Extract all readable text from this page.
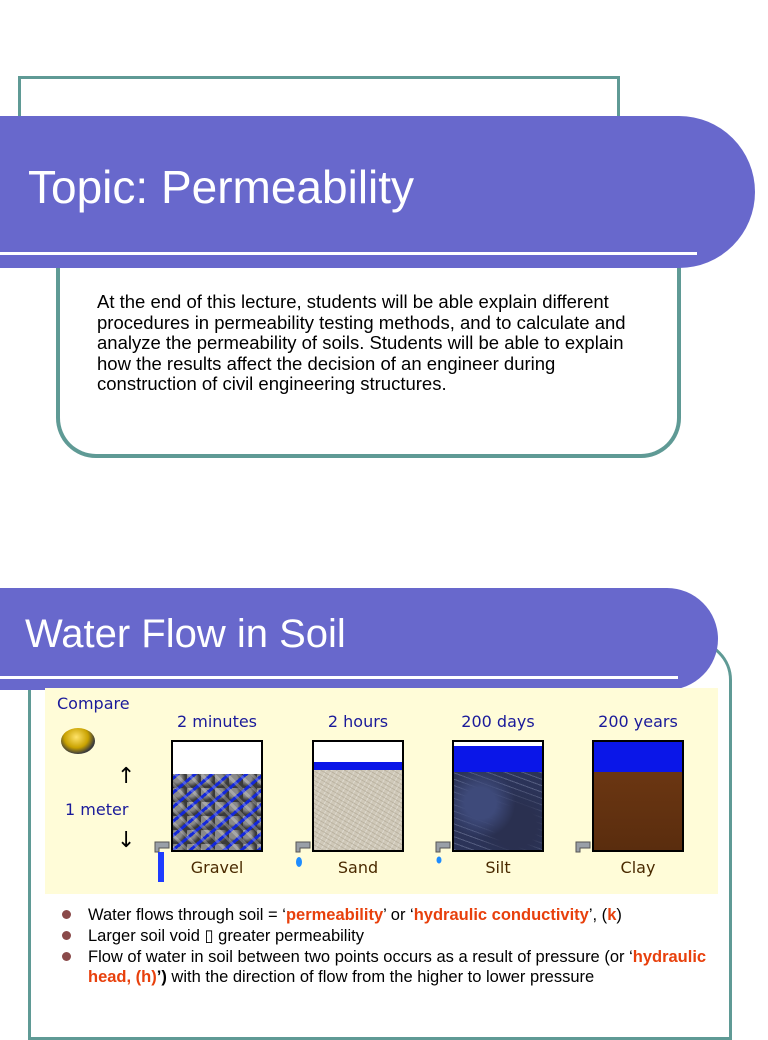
Topic: Permeability

At the end of this lecture, students will be able explain different procedures in permeability testing methods, and to calculate and analyze the permeability of soils. Students will be able to explain how the results affect the decision of an engineer during construction of civil engineering structures.

Water Flow in Soil
Compare
↑
1 meter
↓
2 minutes
Gravel
2 hours
Sand
200 days
Silt
200 years
Clay
Water flows through soil = ‘permeability’ or ‘hydraulic conductivity’, (k)
Larger soil void ▯ greater permeability
Flow of water in soil between two points occurs as a result of pressure (or ‘hydraulic head, (h)’) with the direction of flow from the higher to lower pressure
